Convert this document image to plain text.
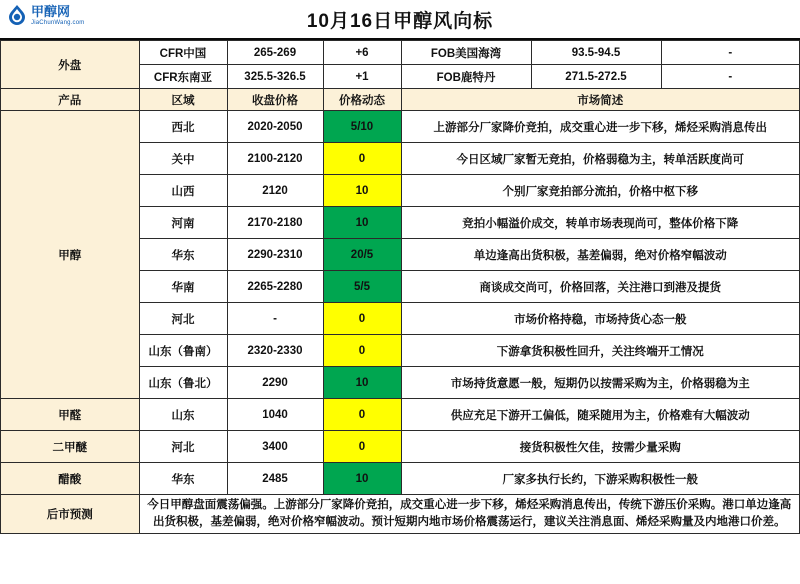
甲醇网
JiaChunWang.com	10月16日甲醇风向标
外盘	CFR中国	265-269	+6	FOB美国海湾	93.5-94.5	-
	CFR东南亚	325.5-326.5	+1	FOB鹿特丹	271.5-272.5	-
产品	区域	收盘价格	价格动态	市场简述		
甲醇	西北	2020-2050	5/10	上游部分厂家降价竞拍，成交重心进一步下移，烯烃采购消息传出		
	关中	2100-2120	0	今日区域厂家暂无竞拍，价格弱稳为主，转单活跃度尚可		
	山西	2120	10	个别厂家竞拍部分流拍，价格中枢下移		
	河南	2170-2180	10	竞拍小幅溢价成交，转单市场表现尚可，整体价格下降		
	华东	2290-2310	20/5	单边逢高出货积极，基差偏弱，绝对价格窄幅波动		
	华南	2265-2280	5/5	商谈成交尚可，价格回落，关注港口到港及提货		
	河北	-	0	市场价格持稳，市场持货心态一般		
	山东（鲁南）	2320-2330	0	下游拿货积极性回升，关注终端开工情况		
	山东（鲁北）	2290	10	市场持货意愿一般，短期仍以按需采购为主，价格弱稳为主		
甲醛	山东	1040	0	供应充足下游开工偏低，随采随用为主，价格难有大幅波动		
二甲醚	河北	3400	0	接货积极性欠佳，按需少量采购		
醋酸	华东	2485	10	厂家多执行长约，下游采购积极性一般		
后市预测	今日甲醇盘面震荡偏强。上游部分厂家降价竞拍，成交重心进一步下移，烯烃采购消息传出，传统下游压价采购。港口单边逢高出货积极，基差偏弱，绝对价格窄幅波动。预计短期内地市场价格震荡运行，建议关注消息面、烯烃采购量及内地港口价差。					
